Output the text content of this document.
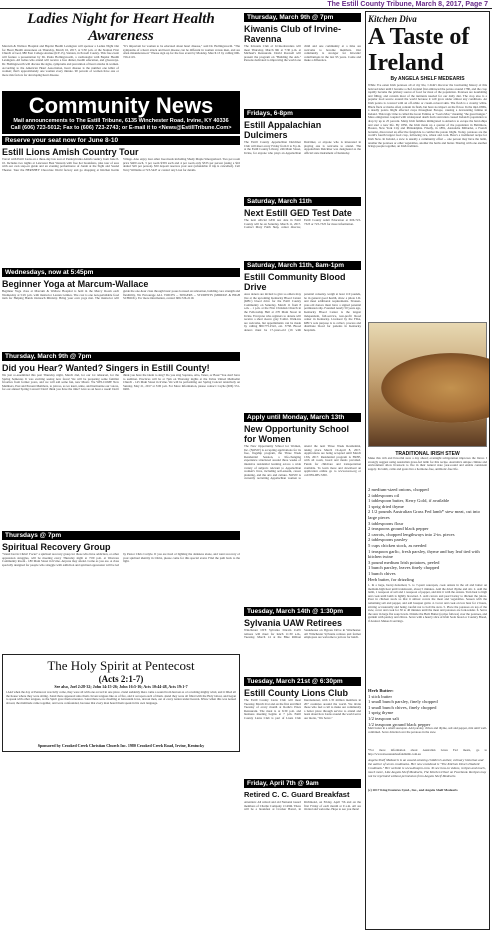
The Estill County Tribune, March 8, 2017, Page 7
Ladies Night for Heart Health Awareness
Marcum & Wallace Hospital and Baptist Health Lexington will sponsor a Ladies Night Out for Heart Health Awareness on Thursday, March 16, 2017, at 5:30 p.m. at the Stanton First Church of God, 980 East College Avenue (KY-15), Stanton, in Powell County. This free event will feature a presentation by Dr. Paula Hollingsworth, a cardiologist with Baptist Health Lexington. All ladies who attend will receive a free dinner, health education, and giveaways. Dr. Hollingsworth will discuss the signs, symptoms and prevention of heart attacks in women. According to the American Heart Association, heart disease is the number one killer of women; that's approximately one woman every minute. 90 percent of women have one or more risk factors for developing heart disease.
"It's important for women to be educated about heart disease," said Dr. Hollingsworth. "The symptoms of a heart attack and heart disease can be different in women versus men, and are often misunderstood." Please sign up for the free event by Monday, March 13 by calling 606-726-2119.
Community News
Mail announcements to The Estill Tribune, 6135 Winchester Road, Irvine, KY 40336
Call (606) 723-5012; Fax to (606) 723-2743; or E-mail it to <News@EstillTribune.Com>
Reserve your seat now for June 8-10
Estill Lions Amish Country Tour
Travel with Estill Lions on a three-day bus tour of Pennsylvania Amish country from June 8-10. Includes two nights at Lancaster Best Western with free hot breakfasts, plus tour of area with our own step-on guide and an evening performance of Jonah at the Sight and Sound Theater. Tour the HERSHEY Chocolate World factory and go shopping at Kitchen Kettle Village. Also enjoy four other free meals including Shady Maple Smorgasbord. Two per room price $400 each, 3 per room $359 each and 4 per room only $333 per person (using a $16 deduct $45 per person). $50 deposit reserves your seat (refundable if trip is cancelled). Call Terry Williams at 723-5447 or contact any Lion for details.
Wednesdays, now at 5:45pm
Beginner Yoga at Marcum-Wallace
Beginner Yoga class at Marcum & Wallace Hospital is held in the Mercy Room each Wednesday at 5:45 p.m. with instructor Lauren Grimes. The cost is one non-perishable food item for Helping Hands Outreach Ministry. Bring your own yoga mat. The instructor will guide the one-hour class through basic poses focused on relaxation, building core strength and flexibility. We Encourage ALL VOICES -- SINGERS -- STUDENTS (MIDDLE & HIGH SCHOOL). For more information, contact 606-726-2119.
Thursday, March 9th @ 7pm
Did you Hear? Wanted? Singers in Estill County!
We just re-assembled this past Thursday night, March 2nd, for our 1st rehearsal, for the Spring Semester. It was exciting seeing new faces! We will be preparing some familiar favorites from former years, and we will add some fun, new Music. We WELCOME New Members, Past and Present Members, to join us, as we learn, unite, and harmonize our voices, for our annual Spring Concert! Don't think you have the time? Give us an hour a week! Don't think you have the talent to sing? Do you sing Soprano, Alto, Tenor, or Bass? You don't have to audition. Practices will be at 7pm on Thursday nights at the Irvine United Methodist Church - 145 Main Street in Irvine. We will be performing our Spring Concert tentatively on Sunday, May 21, 2017 at 3:00 p.m. For More Information, please contact: Caylie (606) 531-0465.
Thursdays @ 7pm
Spiritual Recovery Group
"Stand fast in Christ! Focus" a spiritual recovery group for those who have addiction, or other oppression struggles, will be meeting every Thursday night at 7:00 p.m. at Westcare Community Room - 180 Main Street in Irvine. Anyone may attend. Come as you are. A class specially designed for people who struggle with addiction and spiritual oppression will be led by Pastor Chris Carlyle. If you are tired of fighting the darkness alone, and want recovery of your spiritual identity in Christ, please come for this special event. Find the path back to the light.
The Holy Spirit at Pentecost
(Acts 2:1-7)
See also, Joel 2:28-32; John 14:15-26; John 16:5-16; Acts 10:44-48, Acts 19:1-7
1And when the day of Pentecost was fully come, they were all with one accord in one place. 2And suddenly there came a sound from heaven as of a rushing mighty wind, and it filled all the house where they were sitting. 3And there appeared unto them cloven tongues like as of fire, and it sat upon each of them. 4And they were all filled with the Holy Ghost, and began to speak with other tongues, as the Spirit gave them utterance. 5And there were dwelling at Jerusalem Jews, devout men, out of every nation under heaven. 6Now when this was noised abroad, the multitude came together, and were confounded, because that every man heard them speak in his own language.
Sponsored by Crooked Creek Christian Church Inc. 1980 Crooked Creek Road, Irvine, Kentucky
Thursday, March 9th @ 7pm
Kiwanis Club of Irvine-Ravenna
The Kiwanis Club of Irvine-Ravenna will meet Thursday, March 9th at 7:30 p.m. at Michael's Restaurant. David Roswell will present the program on "Building the Ark." Persons dedicated to improving the world one child and one community at a time are welcome to become members. Our community is stronger for Kiwanis' contributions in the last 95 years. Come and make a difference.
Fridays, 6-8pm
Estill Appalachian Dulcimers
The Estill County Appalachian Dulcimer Club will meet every Friday from 6 to 8 p.m. at the Estill County Library, 246 Main Street, Irvine, for anyone who plays an Appalachian Dulcimer, or anyone who is interested in playing one is welcome to attend. The Appalachian Dulcimer was designated as the official state instrument of Kentucky.
Saturday, March 11th
Next Estill GED Test Date
The next official GED test date in Estill County will be on Saturday, March 11, 2017. Contact Mary Faith Skip, center director, Estill County Adult Education at 606-723-7323 or 723-7325 for more information.
Saturday, March 11th, 8am-1pm
Estill Community Blood Drive
Area donors are invited to give so others may live at the upcoming Kentucky Blood Center (KBC) blood drive for the Estill County Community on Saturday, March 11 from 8 a.m. - 1 p.m. at the First Christian Church in the Fellowship Hall at 270 Main Street in Irvine. Everyone who registers to donate will receive a short sleeve gray T-shirt. Walk-ins are welcome, but appointments can be made by calling 800.775.2522, ext. 3758. Blood donors must be 17-years-old (16 with parental consent), weigh at least 110 pounds, be in general good health, show a photo I.D. and meet additional requirements. Sixteen-year-old donors must have a signed parental permission slip. Founded nearly 50 years ago, Kentucky Blood Center is the largest independent, full-service, non-profit blood center in Kentucky. Licensed by the FDA, KBC's sole purpose is to collect, process and distribute blood for patients in Kentucky hospitals.
Apply until Monday, March 13th
New Opportunity School for Women
The New Opportunity School for Women, Inc. (NOSW) is accepting applications for its free, flagship program, the Three Week Residential Session, a life-changing experience structured around three weeks of intensive residential learning across a wide variety of subjects relevant to Appalachian women's lives, including self-esteem, career planning, and the arts and culture. NOSW is currently recruiting Appalachian women to attend the next Three Week Residential, taking place March 19-April 8, 2017. Applications are being accepted until March 13th, 2017. Residential program is FREE, with all room, board and meals provided. Funds for childcare and transportation available. To learn more and download an application online go to www.nosw.org or call 859-985-7200.
Tuesday, March 14th @ 1:30pm
Sylvania UAW Retirees
Winchester OTE Sylvania /Osram UAW retirees will meet for lunch 11:30 a.m., Tuesday, March 14 at the Blue Ribbon Steakhouse on Bypass Drive in Winchester. All Winchester Sylvania retirees and former employees are welcome to join us for lunch.
Tuesday, March 21st @ 6:30pm
Estill County Lions Club
The Estill County Lions Club will meet Tuesday, March 21st and on the first and third Tuesday of every month at Rodie's Pizza Restaurant. The meal is at 6:30 p.m. and business meeting begins at 7 p.m. Estill County Lions Club is part of Lions Club International, with 1.35 million members in 207 countries around the world. We invite those who feel a call to make our community a better place through service to attend and learn about how Lions around the world serve our motto, "We Serve."
Friday, April 7th @ 9am
Retired C. C. Guard Breakfast
Attention: All retired and old National Guard members of Charlie Company 1/149th. There will be a breakfast at Cracker Barrel, in Richmond, on Friday, April 7th and on the first Friday of each month at 9 a.m. All are invited and welcome. Hope to see you there!
Kitchen Diva
A Taste of Ireland
By ANGELA SHELF MEDEARIS
While I've eaten Irish potatoes all of my life, I didn't discover the fascinating history of this beloved tuber until I became a chef. Ireland first embraced the potato around 1780, and the crop rapidly became the primary source of food for most of the population. Potatoes are nourishing and filling, and contain most of the nutrients needed for our daily diet. The crop also is a popular food source around the world because it will grow under almost any conditions. An Irish potato is covered with an off-white or cream-colored skin. The flesh is a creamy white. Black fleck or marks often contain its flesh, but have no impact on the flavor. In the mid-1800s, a deadly potato blight affected crops throughout Europe, causing a devastating famine in Ireland. This tragic time is called the Great Famine or "Gorta Mor," meaning "the great hunger." Mass emigration coupled with widespread death from starvation caused Ireland's population to drop by up to 25 percent. Many Irish families immigrated to America to escape the hard-ships and start a new life. By 1850, the Irish made up a quarter of the population in Baltimore, Boston, New York City and Philadelphia. Finally, in 1881, Alexandre Millardet, a French botanist, discovered an effective fungicide to combat the potato blight. Today, potatoes are the world's fourth largest food crop, following rice, wheat and corn. Here's a traditional recipe for Irish Stew. In Ireland, a stew is usually a community effort -- one person may have the lamb, another the potatoes or other vegetables, another the herbs and butter. Sharing with one another brings people together, an Irish tradition.
TRADITIONAL IRISH STEW
Make this rich and flavorful stew a day ahead; overnight refrigeration improves the flavor. I strongly suggest using Australian grass-fed lamb for this recipe. Australia's unique climate and environment allow livestock to live in their natural state year-round and enable consistent supply. Its lamb, cattle and goats live a hormone-free, antibiotic-free life.
2 medium-sized onions, chopped
2 tablespoons oil
1 tablespoon butter, Kerry Gold, if available
1 sprig dried thyme
2 1/2 pounds Australian Grass Fed lamb* stew meat, cut into large pieces
3 tablespoons flour
2 teaspoons ground black pepper
2 carrots, chopped lengthways into 2-in. pieces
2 tablespoons parsley
5 cups chicken stock, as needed
1 teaspoon garlic, fresh parsley, thyme and bay leaf tied with kitchen twine
3 pound medium Irish potatoes, peeled
1 bunch parsley, leaves finely chopped
1 bunch chives
Herb butter, for drizzling
1. In a large, heavy-bottomed, 5- to 7-quart saucepan, cook onions in the oil and butter on medium-high heat until translucent, about 5 minutes. Add the dried thyme and stir. 2. Add the lamb, 1 teaspoon of salt and 1 teaspoon of pepper, and mix it with the onions. Turn heat to high and cook until lamb is lightly browned. 3. Add carrots and pearl barley to thicken the juices. Pour in chicken stock so that it almost covers the meat and vegetables. Season with the remaining salt and pepper, and add bouquet garni. 4. Cover and cook on low heat for 2 hours, stirring occasionally and being careful not to boil the stew. 5. Place the potatoes on top of the stew, cover and cook for 30 to 40 minutes until the meat and potatoes are fork-tender. 6. Serve the stew in large flat soup bowls. Drizzle the Herb Butter (recipe follows) over the potatoes, and garnish with parsley and chives. Serve with a hearty slice of Irish Soda bread or Country Bread, if desired. Makes 6 servings.
Herb Butter:
1 stick butter
1 small bunch parsley, finely chopped
1 small bunch chives, finely chopped
1 sprig thyme
1/2 teaspoon salt
1/2 teaspoon ground black pepper
Melt butter in a small saucepan. Add parsley, chives and thyme, salt and pepper, mix until well-combined. Serve drizzled over the potatoes in the stew.
*For more information about Australian Grass Fed meats, go to http://www.trueaussiebeefandlamb.com.au
Angela Shelf Medearis is an award-winning children's author, culinary historian and the author of seven cookbooks. Her new cookbook is "The Kitchen Diva's Diabetic Cookbook." Her website is www.divapro.com. To see how-to videos, recipes and much, much more, Like Angela Shelf Medearis, The Kitchen Diva! on Facebook. Recipes may not be reprinted without permission from Angela Shelf Medearis.
(c) 2017 King Features Synd., Inc., and Angela Shelf Medearis
